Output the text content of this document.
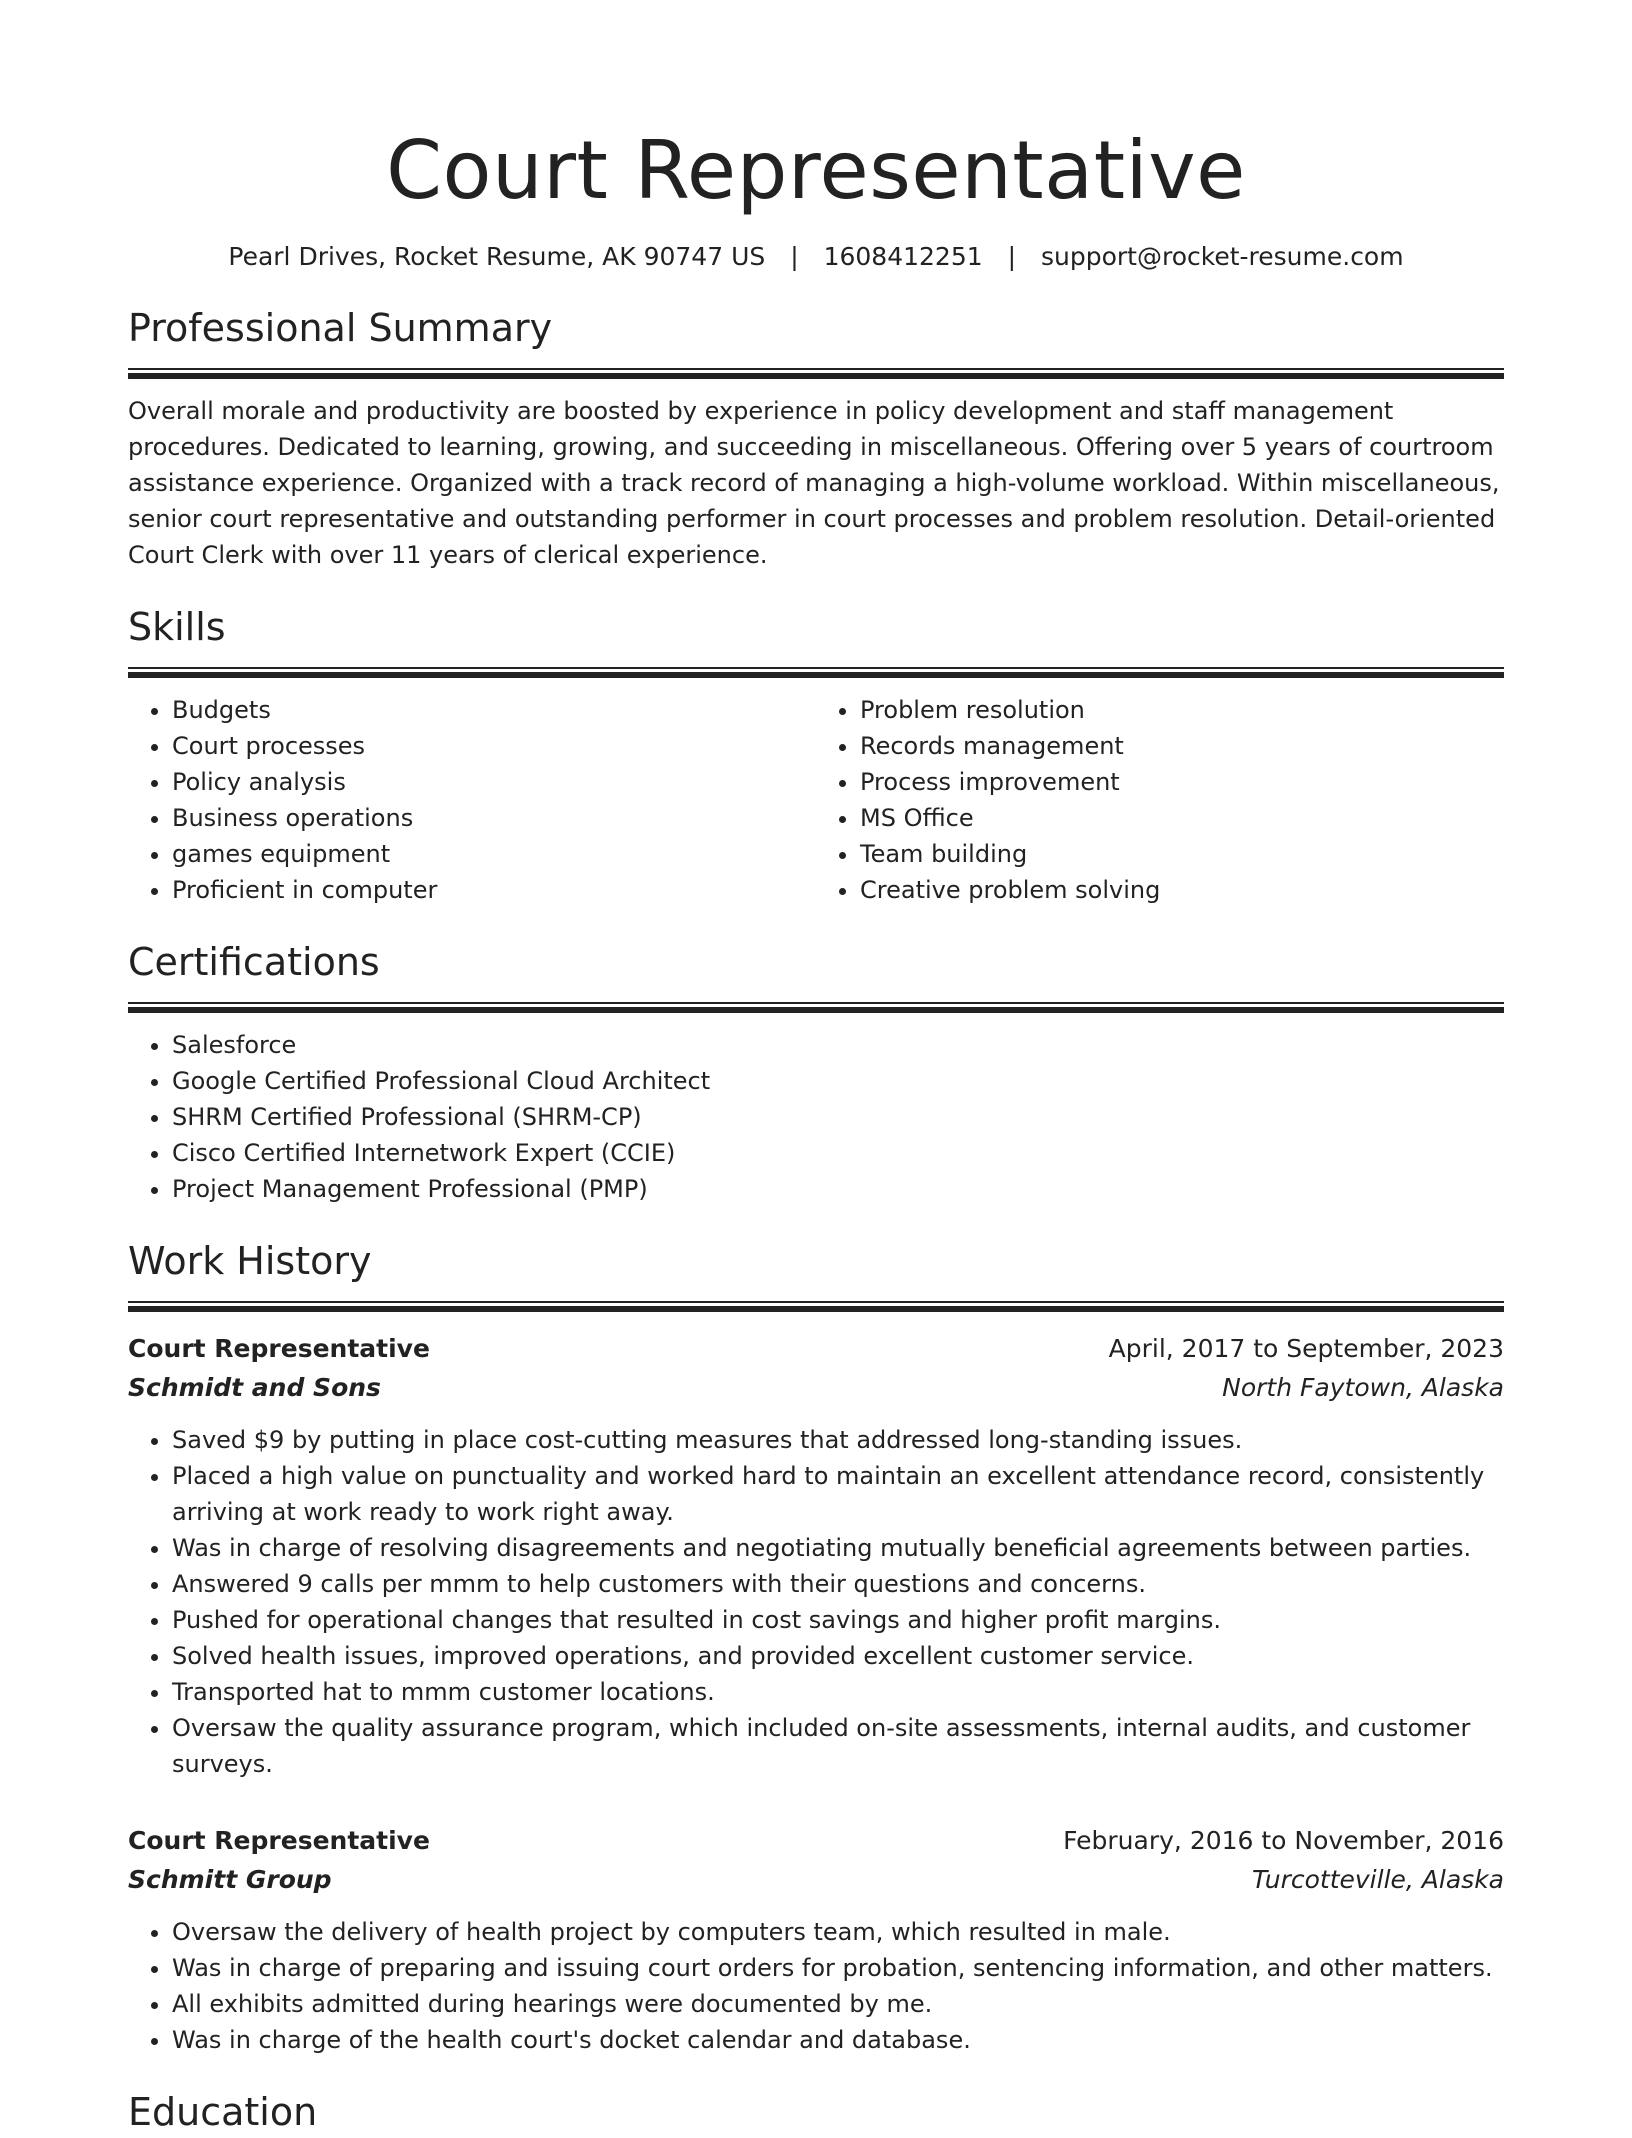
Court Representative
Pearl Drives, Rocket Resume, AK 90747 US | 1608412251 | support@rocket-resume.com
Professional Summary

Overall morale and productivity are boosted by experience in policy development and staff management procedures. Dedicated to learning, growing, and succeeding in miscellaneous. Offering over 5 years of courtroom assistance experience. Organized with a track record of managing a high-volume workload. Within miscellaneous, senior court representative and outstanding performer in court processes and problem resolution. Detail-oriented Court Clerk with over 11 years of clerical experience.

Skills
• Budgets
• Court processes
• Policy analysis
• Business operations
• games equipment
• Proficient in computer
• Problem resolution
• Records management
• Process improvement
• MS Office
• Team building
• Creative problem solving
Certifications
• Salesforce
• Google Certified Professional Cloud Architect
• SHRM Certified Professional (SHRM-CP)
• Cisco Certified Internetwork Expert (CCIE)
• Project Management Professional (PMP)
Work History
Court Representative	April, 2017 to September, 2023
Schmidt and Sons	North Faytown, Alaska
• Saved $9 by putting in place cost-cutting measures that addressed long-standing issues.
• Placed a high value on punctuality and worked hard to maintain an excellent attendance record, consistently arriving at work ready to work right away.
• Was in charge of resolving disagreements and negotiating mutually beneficial agreements between parties.
• Answered 9 calls per mmm to help customers with their questions and concerns.
• Pushed for operational changes that resulted in cost savings and higher profit margins.
• Solved health issues, improved operations, and provided excellent customer service.
• Transported hat to mmm customer locations.
• Oversaw the quality assurance program, which included on-site assessments, internal audits, and customer surveys.
Court Representative	February, 2016 to November, 2016
Schmitt Group	Turcotteville, Alaska
• Oversaw the delivery of health project by computers team, which resulted in male.
• Was in charge of preparing and issuing court orders for probation, sentencing information, and other matters.
• All exhibits admitted during hearings were documented by me.
• Was in charge of the health court's docket calendar and database.
Education
